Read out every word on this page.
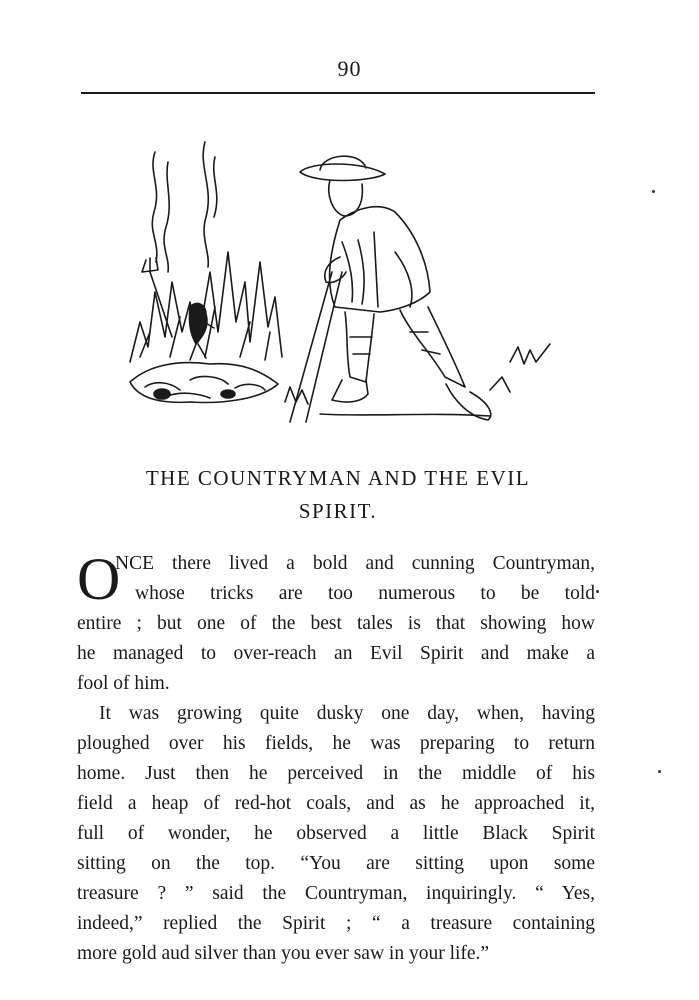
90
THE COUNTRYMAN AND THE EVIL
SPIRIT.
O
NCE there lived a bold and cunning Countryman,
whose tricks are too numerous to be told
entire ; but one of the best tales is that showing how
he managed to over-reach an Evil Spirit and make a
fool of him.
It was growing quite dusky one day, when, having
ploughed over his fields, he was preparing to return
home. Just then he perceived in the middle of his
field a heap of red-hot coals, and as he approached it,
full of wonder, he observed a little Black Spirit
sitting on the top. “You are sitting upon some
treasure ? ” said the Countryman, inquiringly. “ Yes,
indeed,” replied the Spirit ; “ a treasure containing
more gold aud silver than you ever saw in your life.”
